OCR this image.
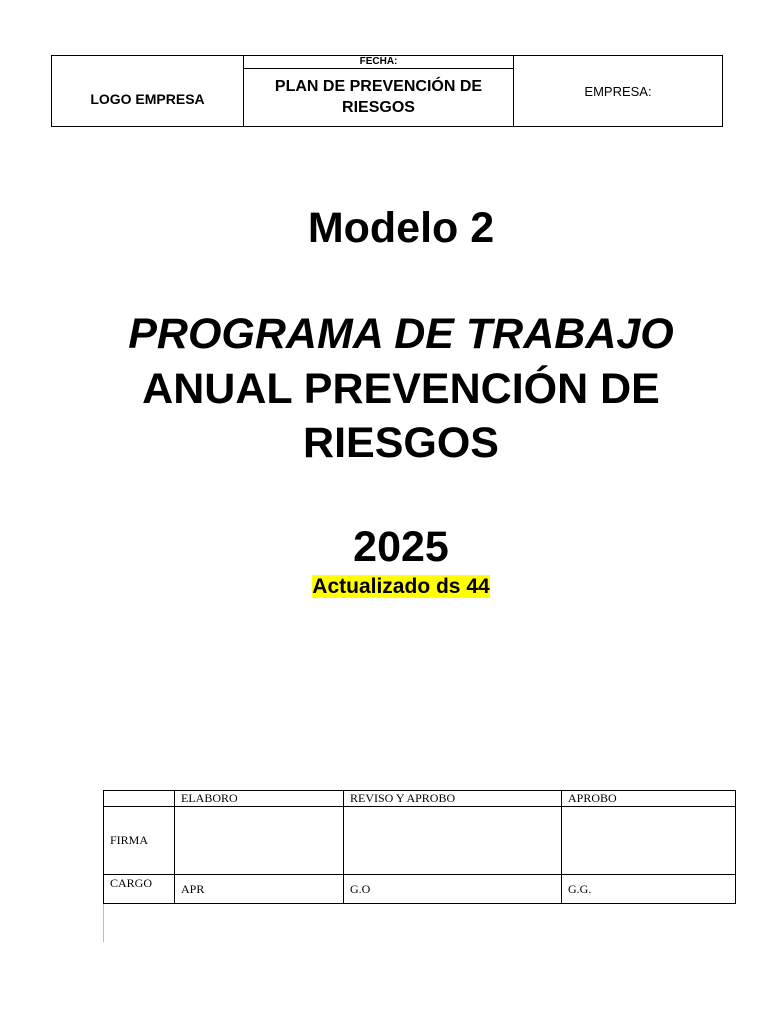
LOGO EMPRESA	
FECHA:
PLAN DE PREVENCIÓN DE
RIESGOS
	EMPRESA:
Modelo 2
PROGRAMA DE TRABAJO
ANUAL PREVENCIÓN DE
RIESGOS
2025
Actualizado ds 44
	ELABORO	REVISO Y APROBO	APROBO
FIRMA			
CARGO	APR	G.O	G.G.
